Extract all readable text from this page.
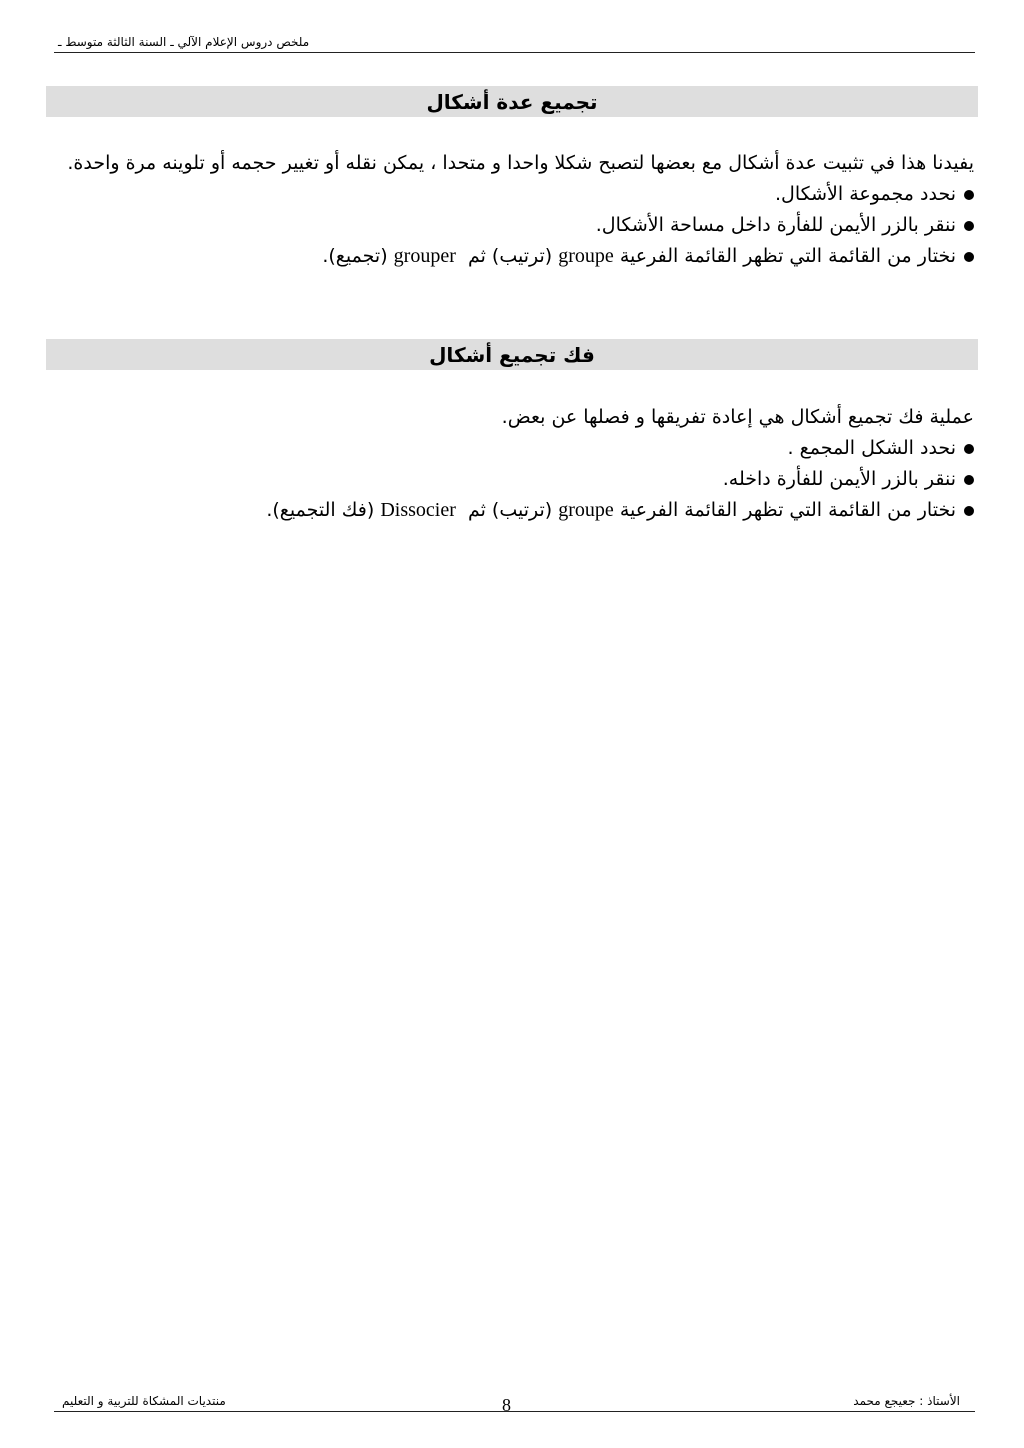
ملخص دروس الإعلام الآلي ـ السنة الثالثة متوسط ـ
تجميع عدة أشكال

يفيدنا هذا في تثبيت عدة أشكال مع بعضها لتصبح شكلا واحدا و متحدا ، يمكن نقله أو تغيير حجمه أو تلوينه مرة واحدة.

نحدد مجموعة الأشكال.
ننقر بالزر الأيمن للفأرة داخل مساحة الأشكال.
نختار من القائمة التي تظهر القائمة الفرعية groupe (ترتيب) ثم  grouper (تجميع).
فك تجميع أشكال

عملية فك تجميع أشكال هي إعادة تفريقها و فصلها عن بعض.

نحدد الشكل المجمع .
ننقر بالزر الأيمن للفأرة داخله.
نختار من القائمة التي تظهر القائمة الفرعية groupe (ترتيب) ثم  Dissocier (فك التجميع).
منتديات المشكاة للتربية و التعليم	8	الأستاذ : جعيجع محمد
